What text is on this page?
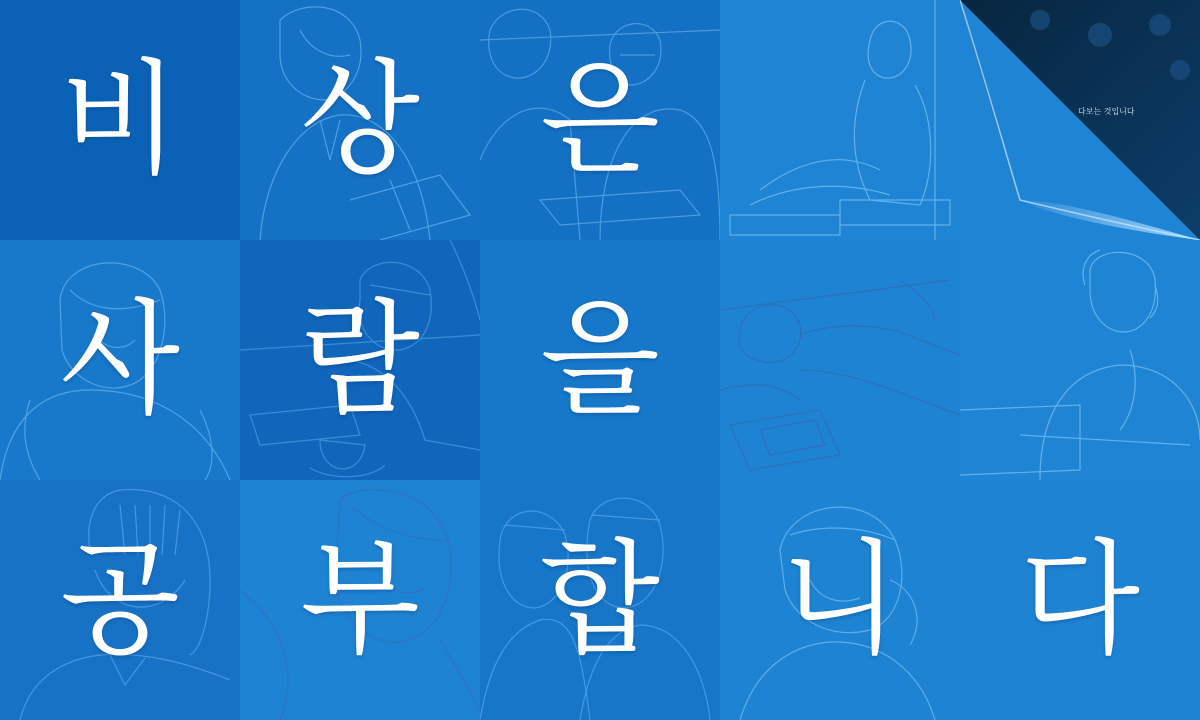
비 상 은
사 람 을
공 부 합 니 다
다보는 것입니다
